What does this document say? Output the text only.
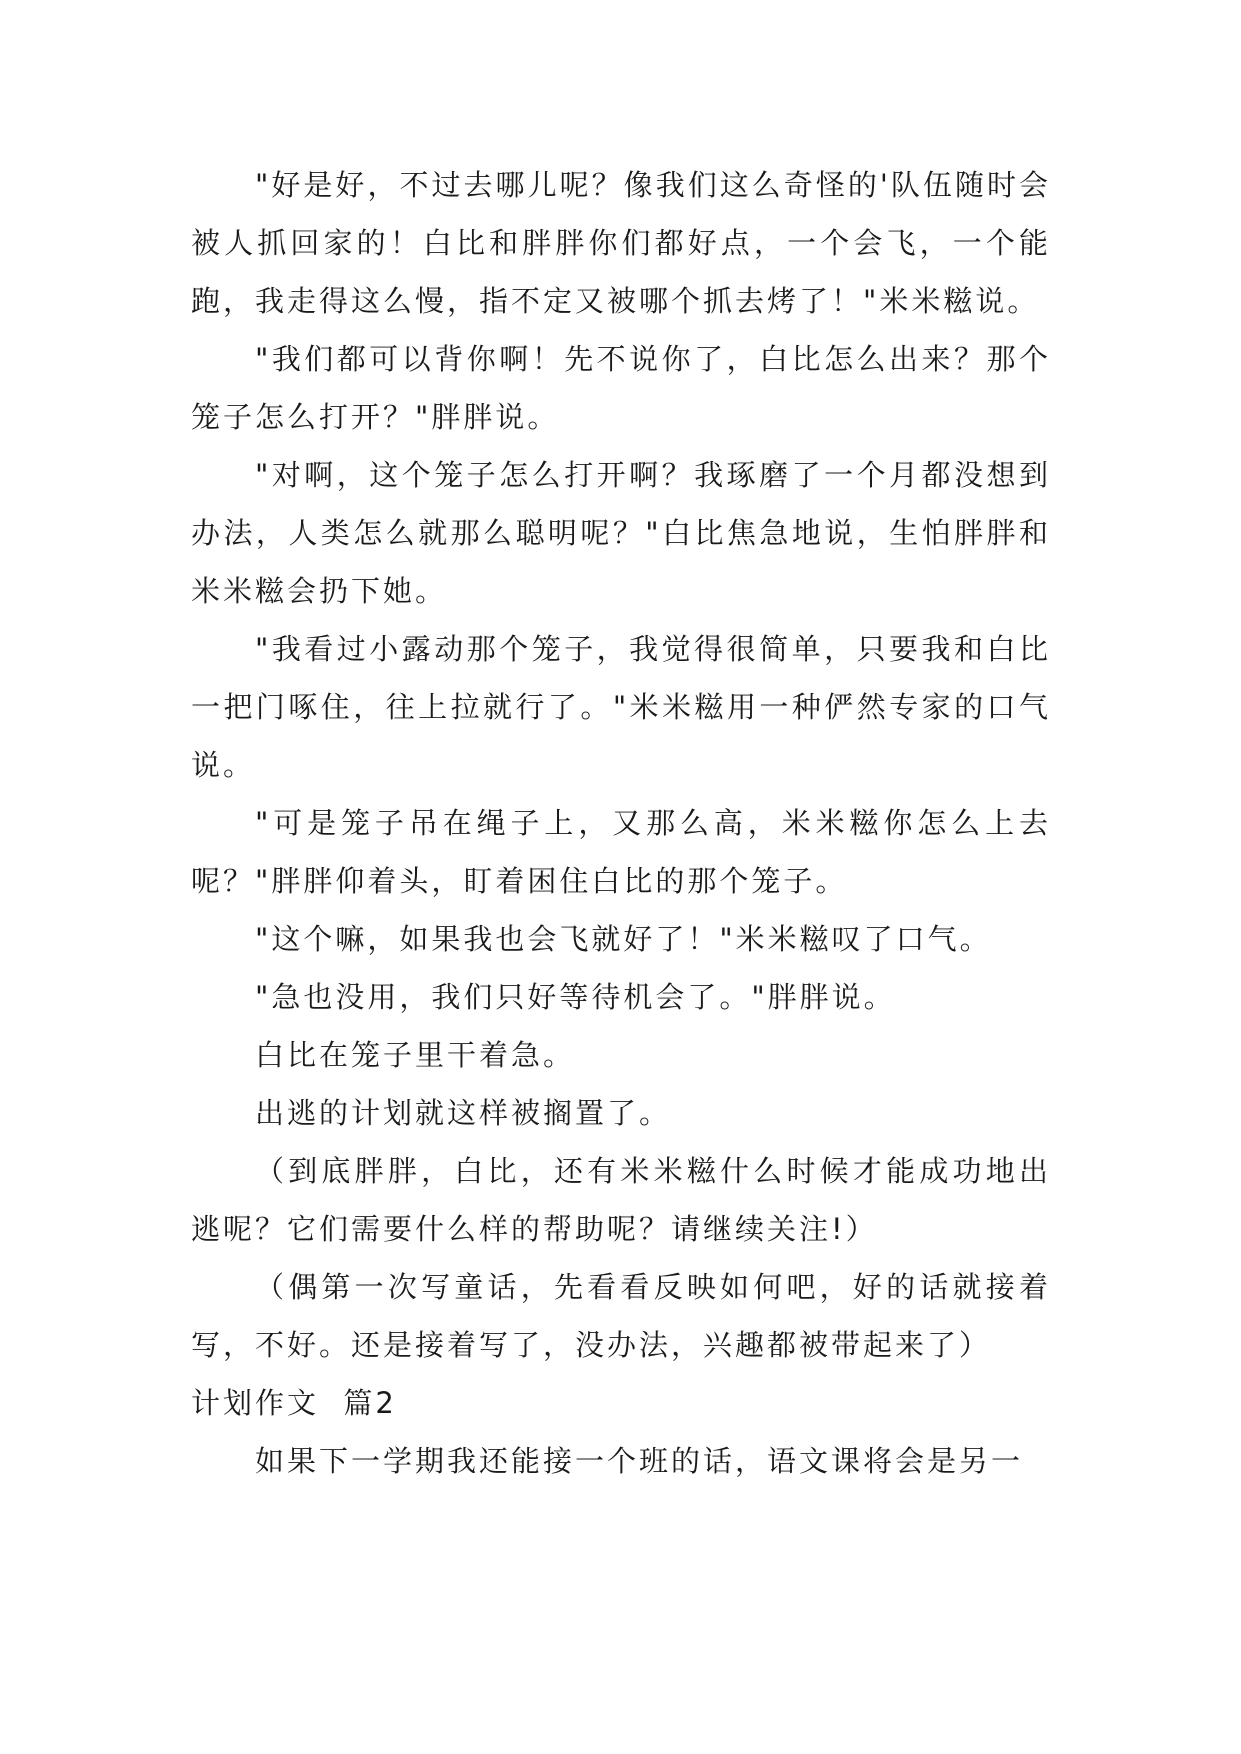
"好是好，不过去哪儿呢？像我们这么奇怪的'队伍随时会被人抓回家的！白比和胖胖你们都好点，一个会飞，一个能跑，我走得这么慢，指不定又被哪个抓去烤了！"米米糍说。

"我们都可以背你啊！先不说你了，白比怎么出来？那个笼子怎么打开？"胖胖说。

"对啊，这个笼子怎么打开啊？我琢磨了一个月都没想到办法，人类怎么就那么聪明呢？"白比焦急地说，生怕胖胖和米米糍会扔下她。

"我看过小露动那个笼子，我觉得很简单，只要我和白比一把门啄住，往上拉就行了。"米米糍用一种俨然专家的口气说。

"可是笼子吊在绳子上，又那么高，米米糍你怎么上去呢？"胖胖仰着头，盯着困住白比的那个笼子。

"这个嘛，如果我也会飞就好了！"米米糍叹了口气。

"急也没用，我们只好等待机会了。"胖胖说。

白比在笼子里干着急。

出逃的计划就这样被搁置了。

（到底胖胖，白比，还有米米糍什么时候才能成功地出逃呢？它们需要什么样的帮助呢？请继续关注!）

（偶第一次写童话，先看看反映如何吧，好的话就接着写，不好。还是接着写了，没办法，兴趣都被带起来了）

计划作文  篇2

如果下一学期我还能接一个班的话，语文课将会是另一
